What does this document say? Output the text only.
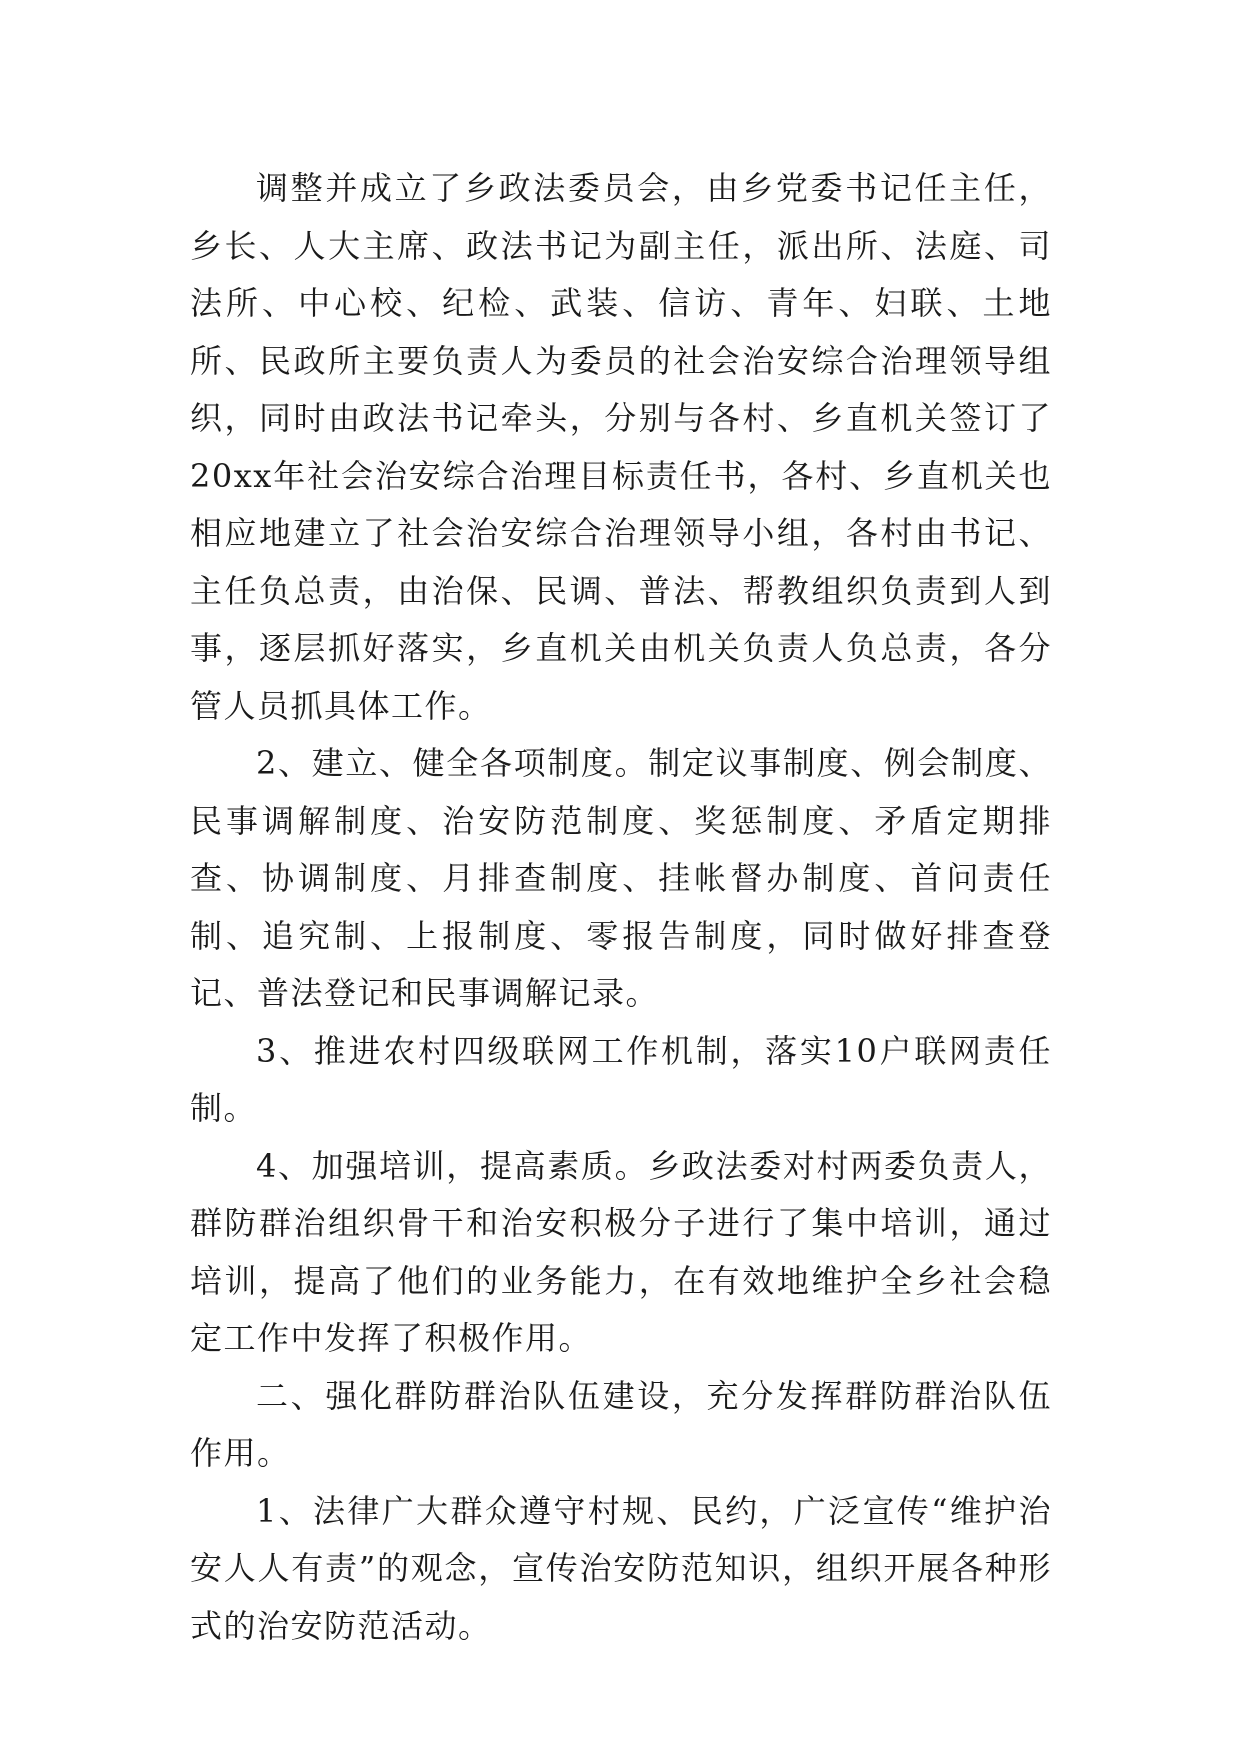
调整并成立了乡政法委员会，由乡党委书记任主任，乡长、人大主席、政法书记为副主任，派出所、法庭、司法所、中心校、纪检、武装、信访、青年、妇联、土地所、民政所主要负责人为委员的社会治安综合治理领导组织，同时由政法书记牵头，分别与各村、乡直机关签订了20xx年社会治安综合治理目标责任书，各村、乡直机关也相应地建立了社会治安综合治理领导小组，各村由书记、主任负总责，由治保、民调、普法、帮教组织负责到人到事，逐层抓好落实，乡直机关由机关负责人负总责，各分管人员抓具体工作。

2、建立、健全各项制度。制定议事制度、例会制度、民事调解制度、治安防范制度、奖惩制度、矛盾定期排查、协调制度、月排查制度、挂帐督办制度、首问责任制、追究制、上报制度、零报告制度，同时做好排查登记、普法登记和民事调解记录。

3、推进农村四级联网工作机制，落实10户联网责任制。

4、加强培训，提高素质。乡政法委对村两委负责人，群防群治组织骨干和治安积极分子进行了集中培训，通过培训，提高了他们的业务能力，在有效地维护全乡社会稳定工作中发挥了积极作用。

二、强化群防群治队伍建设，充分发挥群防群治队伍作用。

1、法律广大群众遵守村规、民约，广泛宣传“维护治安人人有责”的观念，宣传治安防范知识，组织开展各种形式的治安防范活动。
